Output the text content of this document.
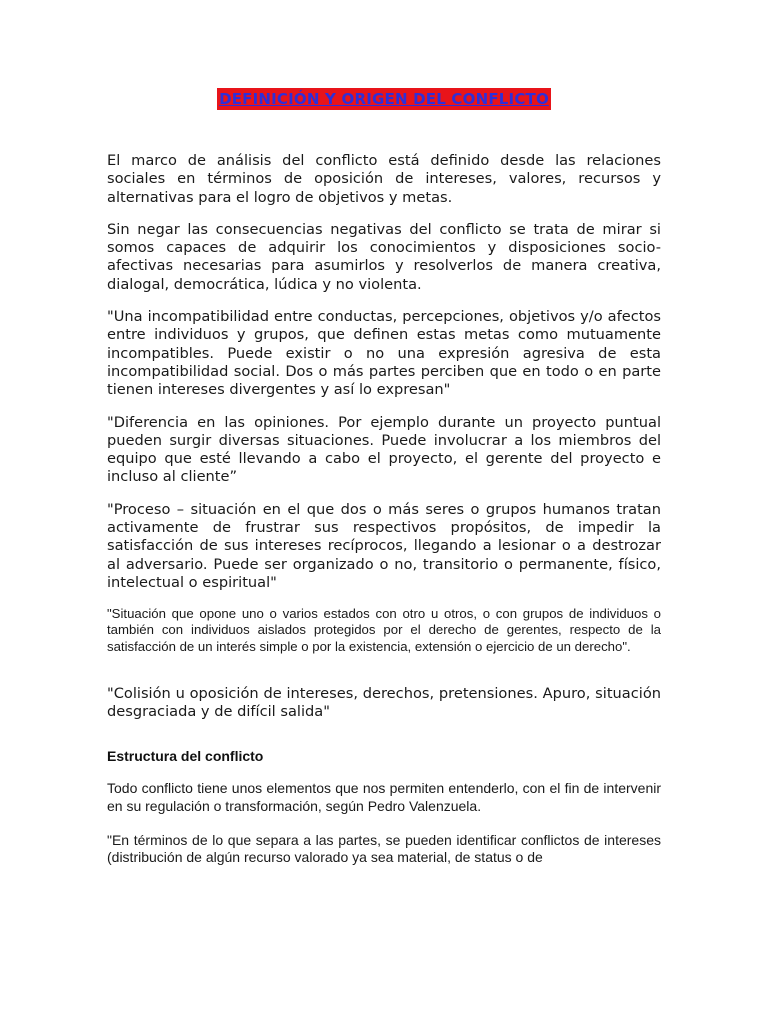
DEFINICIÓN Y ORIGEN DEL CONFLICTO

El marco de análisis del conflicto está definido desde las relaciones sociales en términos de oposición de intereses, valores, recursos y alternativas para el logro de objetivos y metas.

Sin negar las consecuencias negativas del conflicto se trata de mirar si somos capaces de adquirir los conocimientos y disposiciones socio-afectivas necesarias para asumirlos y resolverlos de manera creativa, dialogal, democrática, lúdica y no violenta.

"Una incompatibilidad entre conductas, percepciones, objetivos y/o afectos entre individuos y grupos, que definen estas metas como mutuamente incompatibles. Puede existir o no una expresión agresiva de esta incompatibilidad social. Dos o más partes perciben que en todo o en parte tienen intereses divergentes y así lo expresan"

"Diferencia en las opiniones. Por ejemplo durante un proyecto puntual pueden surgir diversas situaciones. Puede involucrar a los miembros del equipo que esté llevando a cabo el proyecto, el gerente del proyecto e incluso al cliente”

"Proceso – situación en el que dos o más seres o grupos humanos tratan activamente de frustrar sus respectivos propósitos, de impedir la satisfacción de sus intereses recíprocos, llegando a lesionar o a destrozar al adversario. Puede ser organizado o no, transitorio o permanente, físico, intelectual o espiritual"

"Situación que opone uno o varios estados con otro u otros, o con grupos de individuos o también con individuos aislados protegidos por el derecho de gerentes, respecto de la satisfacción de un interés simple o por la existencia, extensión o ejercicio de un derecho".

"Colisión u oposición de intereses, derechos, pretensiones. Apuro, situación desgraciada y de difícil salida"

Estructura del conflicto

Todo conflicto tiene unos elementos que nos permiten entenderlo, con el fin de intervenir en su regulación o transformación, según Pedro Valenzuela.

"En términos de lo que separa a las partes, se pueden identificar conflictos de intereses (distribución de algún recurso valorado ya sea material, de status o de
